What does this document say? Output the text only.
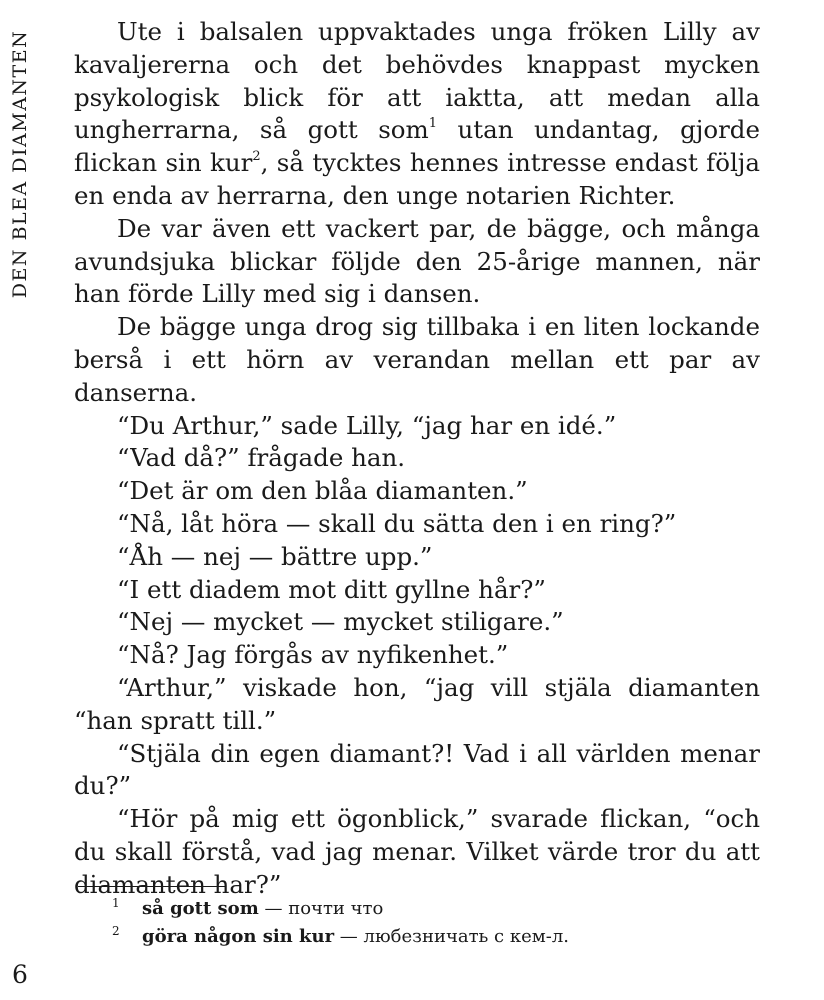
DEN BLEA DIAMANTEN	Ute i balsalen uppvaktades unga fröken Lilly av kavaljererna och det behövdes knappast mycken psykologisk blick för att iaktta, att medan alla ungherrarna, så gott som$^1$ utan undantag, gjorde flickan sin kur$^2$, så tycktes hennes intresse endast följa en enda av herrarna, den unge notarien Richter.

De var även ett vackert par, de bägge, och många avundsjuka blickar följde den 25-årige mannen, när han förde Lilly med sig i dansen.

De bägge unga drog sig tillbaka i en liten lockande berså i ett hörn av verandan mellan ett par av danserna.

“Du Arthur,” sade Lilly, “jag har en idé.”

“Vad då?” frågade han.

“Det är om den blåa diamanten.”

“Nå, låt höra — skall du sätta den i en ring?”

“Åh — nej — bättre upp.”

“I ett diadem mot ditt gyllne hår?”

“Nej — mycket — mycket stiligare.”

“Nå? Jag förgås av nyfikenhet.”

“Arthur,” viskade hon, “jag vill stjäla diamanten “han spratt till.”

“Stjäla din egen diamant?! Vad i all världen menar du?”

“Hör på mig ett ögonblick,” svarade flickan, “och du skall förstå, vad jag menar. Vilket värde tror du att diamanten har?”

1 så gott som — почти что
2 göra någon sin kur — любезничать с кем-л.
6
